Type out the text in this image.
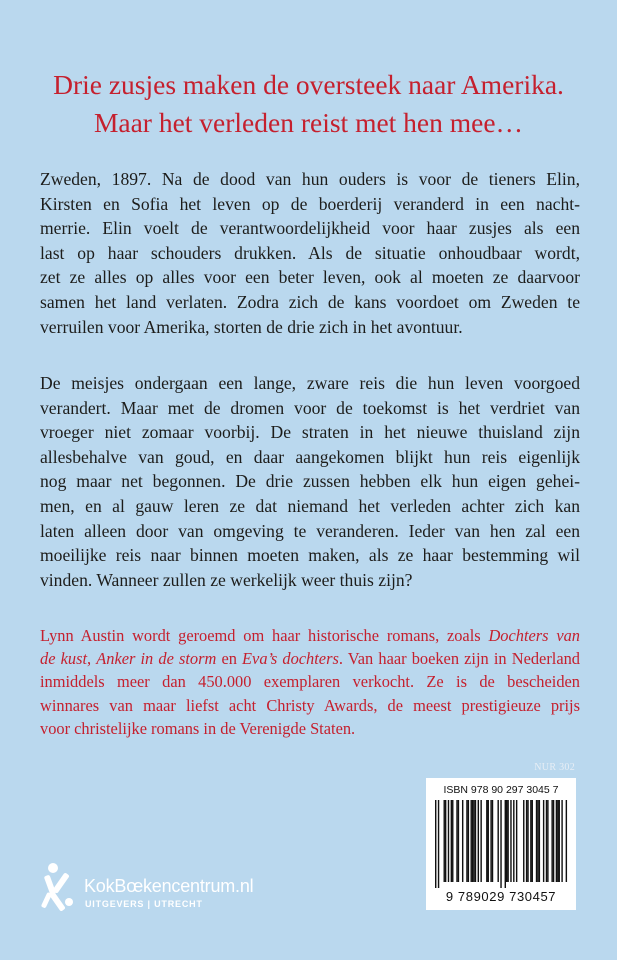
Drie zusjes maken de oversteek naar Amerika.
Maar het verleden reist met hen mee…
Zweden, 1897. Na de dood van hun ouders is voor de tieners Elin,
Kirsten en Sofia het leven op de boerderij veranderd in een nacht-
merrie. Elin voelt de verantwoordelijkheid voor haar zusjes als een
last op haar schouders drukken. Als de situatie onhoudbaar wordt,
zet ze alles op alles voor een beter leven, ook al moeten ze daarvoor
samen het land verlaten. Zodra zich de kans voordoet om Zweden te
verruilen voor Amerika, storten de drie zich in het avontuur.
De meisjes ondergaan een lange, zware reis die hun leven voorgoed
verandert. Maar met de dromen voor de toekomst is het verdriet van
vroeger niet zomaar voorbij. De straten in het nieuwe thuisland zijn
allesbehalve van goud, en daar aangekomen blijkt hun reis eigenlijk
nog maar net begonnen. De drie zussen hebben elk hun eigen gehei-
men, en al gauw leren ze dat niemand het verleden achter zich kan
laten alleen door van omgeving te veranderen. Ieder van hen zal een
moeilijke reis naar binnen moeten maken, als ze haar bestemming wil
vinden. Wanneer zullen ze werkelijk weer thuis zijn?
Lynn Austin wordt geroemd om haar historische romans, zoals Dochters van
de kust, Anker in de storm en Eva’s dochters. Van haar boeken zijn in Nederland
inmiddels meer dan 450.000 exemplaren verkocht. Ze is de bescheiden
winnares van maar liefst acht Christy Awards, de meest prestigieuze prijs
voor christelijke romans in de Verenigde Staten.
NUR 302
ISBN 978 90 297 3045 7
9 789029 730457
KokBœkencentrum.nl
UITGEVERS | UTRECHT
